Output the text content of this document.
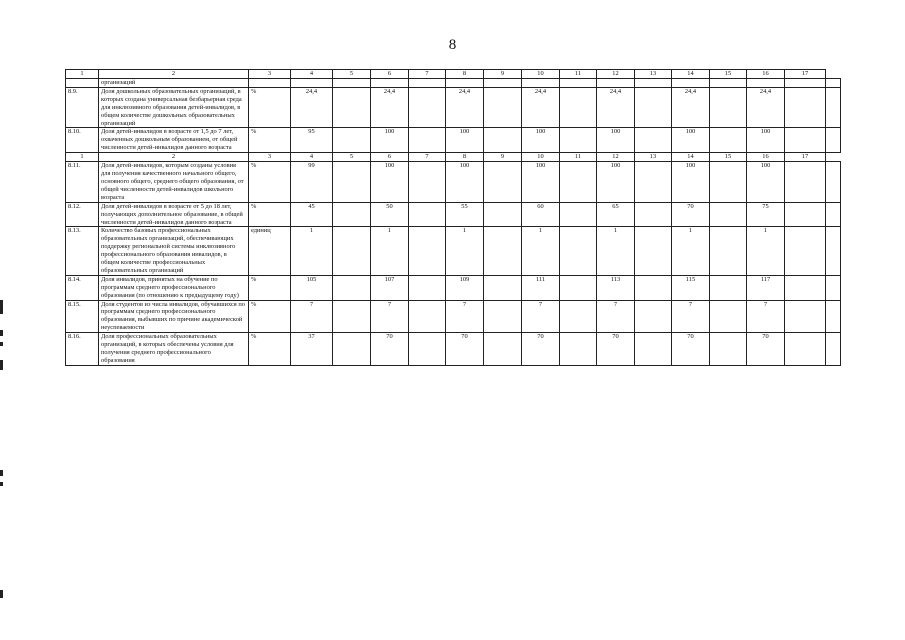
8
1	2	3	4	5	6	7	8	9	10	11	12	13	14	15	16	17	
	организаций																
8.9.	Доля дошкольных образовательных организаций, в которых создана универсальная безбарьерная среда для инклюзивного образования детей-инвалидов, в общем количестве дошкольных образовательных организаций	%	24,4		24,4		24,4		24,4		24,4		24,4		24,4		
8.10.	Доля детей-инвалидов в возрасте от 1,5 до 7 лет, охваченных дошкольным образованием, от общей численности детей-инвалидов данного возраста	%	95		100		100		100		100		100		100		
1	2	3	4	5	6	7	8	9	10	11	12	13	14	15	16	17	
8.11.	Доля детей-инвалидов, которым созданы условия для получения качественного начального общего, основного общего, среднего общего образования, от общей численности детей-инвалидов школьного возраста	%	99		100		100		100		100		100		100		
8.12.	Доля детей-инвалидов в возрасте от 5 до 18 лет, получающих дополнительное образование, в общей численности детей-инвалидов данного возраста	%	45		50		55		60		65		70		75		
8.13.	Количество базовых профессиональных образовательных организаций, обеспечивающих поддержку региональной системы инклюзивного профессионального образования инвалидов, в общем количестве профессиональных образовательных организаций	единиц	1		1		1		1		1		1		1		
8.14.	Доля инвалидов, принятых на обучение по программам среднего профессионального образования (по отношению к предыдущему году)	%	105		107		109		111		113		115		117		
8.15.	Доля студентов из числа инвалидов, обучавшихся по программам среднего профессионального образования, выбывших по причине академической неуспеваемости	%	7		7		7		7		7		7		7		
8.16.	Доля профессиональных образовательных организаций, в которых обеспечены условия для получения среднего профессионального образования	%	37		70		70		70		70		70		70		
